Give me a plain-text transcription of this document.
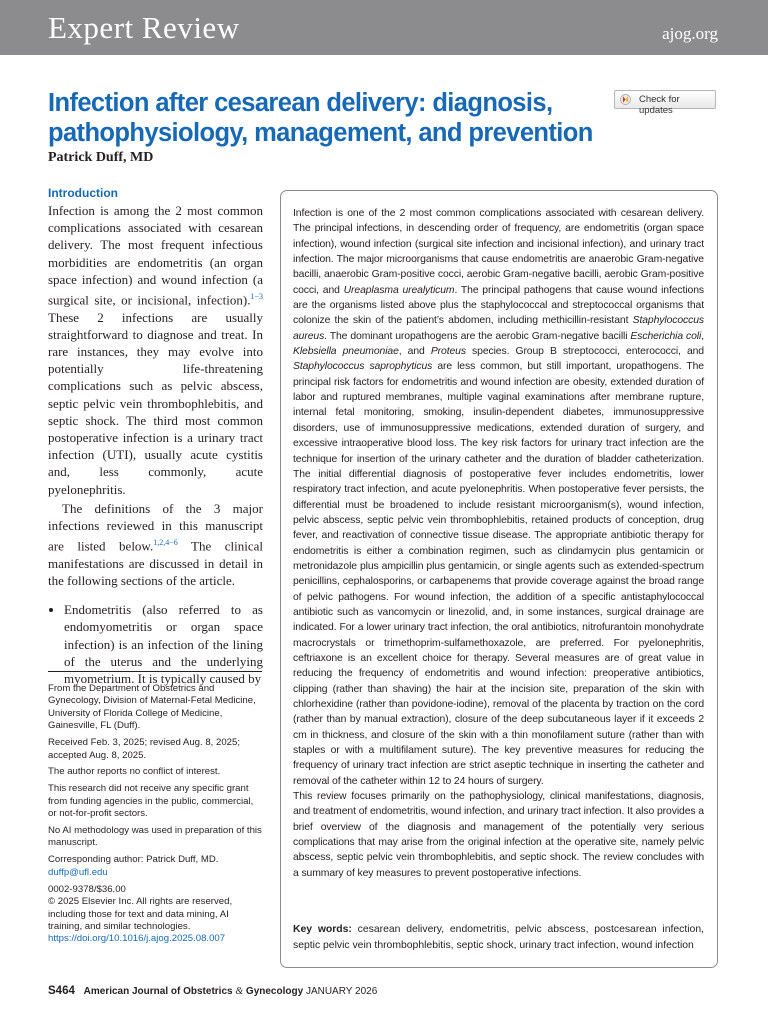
Expert Review	ajog.org
Infection after cesarean delivery: diagnosis, pathophysiology, management, and prevention
Check for updates
Patrick Duff, MD
Introduction

Infection is among the 2 most common complications associated with cesarean delivery. The most frequent infectious morbidities are endometritis (an organ space infection) and wound infection (a surgical site, or incisional, infection).$^{1-3}$ These 2 infections are usually straightforward to diagnose and treat. In rare instances, they may evolve into potentially life-threatening complications such as pelvic abscess, septic pelvic vein thrombophlebitis, and septic shock. The third most common postoperative infection is a urinary tract infection (UTI), usually acute cystitis and, less commonly, acute pyelonephritis.

The definitions of the 3 major infections reviewed in this manuscript are listed below.$^{1,2,4-6}$ The clinical manifestations are discussed in detail in the following sections of the article.

• Endometritis (also referred to as endomyometritis or organ space infection) is an infection of the lining of the uterus and the underlying myometrium. It is typically caused by

From the Department of Obstetrics and Gynecology, Division of Maternal-Fetal Medicine, University of Florida College of Medicine, Gainesville, FL (Duff).

Received Feb. 3, 2025; revised Aug. 8, 2025; accepted Aug. 8, 2025.

The author reports no conflict of interest.

This research did not receive any specific grant from funding agencies in the public, commercial, or not-for-profit sectors.

No AI methodology was used in preparation of this manuscript.

Corresponding author: Patrick Duff, MD.
duffp@ufl.edu

0002-9378/$36.00
© 2025 Elsevier Inc. All rights are reserved, including those for text and data mining, AI training, and similar technologies.
https://doi.org/10.1016/j.ajog.2025.08.007

Infection is one of the 2 most common complications associated with cesarean delivery. The principal infections, in descending order of frequency, are endometritis (organ space infection), wound infection (surgical site infection and incisional infection), and urinary tract infection. The major microorganisms that cause endometritis are anaerobic Gram-negative bacilli, anaerobic Gram-positive cocci, aerobic Gram-negative bacilli, aerobic Gram-positive cocci, and Ureaplasma urealyticum. The principal pathogens that cause wound infections are the organisms listed above plus the staphylococcal and streptococcal organisms that colonize the skin of the patient’s abdomen, including methicillin-resistant Staphylococcus aureus. The dominant uropathogens are the aerobic Gram-negative bacilli Escherichia coli, Klebsiella pneumoniae, and Proteus species. Group B streptococci, enterococci, and Staphylococcus saprophyticus are less common, but still important, uropathogens. The principal risk factors for endometritis and wound infection are obesity, extended duration of labor and ruptured membranes, multiple vaginal examinations after membrane rupture, internal fetal monitoring, smoking, insulin-dependent diabetes, immunosuppressive disorders, use of immunosuppressive medications, extended duration of surgery, and excessive intraoperative blood loss. The key risk factors for urinary tract infection are the technique for insertion of the urinary catheter and the duration of bladder catheterization. The initial differential diagnosis of postoperative fever includes endometritis, lower respiratory tract infection, and acute pyelonephritis. When postoperative fever persists, the differential must be broadened to include resistant microorganism(s), wound infection, pelvic abscess, septic pelvic vein thrombophlebitis, retained products of conception, drug fever, and reactivation of connective tissue disease. The appropriate antibiotic therapy for endometritis is either a combination regimen, such as clindamycin plus gentamicin or metronidazole plus ampicillin plus gentamicin, or single agents such as extended-spectrum penicillins, cephalosporins, or carbapenems that provide coverage against the broad range of pelvic pathogens. For wound infection, the addition of a specific antistaphylococcal antibiotic such as vancomycin or linezolid, and, in some instances, surgical drainage are indicated. For a lower urinary tract infection, the oral antibiotics, nitrofurantoin monohydrate macrocrystals or trimethoprim-sulfamethoxazole, are preferred. For pyelonephritis, ceftriaxone is an excellent choice for therapy. Several measures are of great value in reducing the frequency of endometritis and wound infection: preoperative antibiotics, clipping (rather than shaving) the hair at the incision site, preparation of the skin with chlorhexidine (rather than povidone-iodine), removal of the placenta by traction on the cord (rather than by manual extraction), closure of the deep subcutaneous layer if it exceeds 2 cm in thickness, and closure of the skin with a thin monofilament suture (rather than with staples or with a multifilament suture). The key preventive measures for reducing the frequency of urinary tract infection are strict aseptic technique in inserting the catheter and removal of the catheter within 12 to 24 hours of surgery.

This review focuses primarily on the pathophysiology, clinical manifestations, diagnosis, and treatment of endometritis, wound infection, and urinary tract infection. It also provides a brief overview of the diagnosis and management of the potentially very serious complications that may arise from the original infection at the operative site, namely pelvic abscess, septic pelvic vein thrombophlebitis, and septic shock. The review concludes with a summary of key measures to prevent postoperative infections.

Key words: cesarean delivery, endometritis, pelvic abscess, postcesarean infection, septic pelvic vein thrombophlebitis, septic shock, urinary tract infection, wound infection
S464 American Journal of Obstetrics & Gynecology JANUARY 2026
